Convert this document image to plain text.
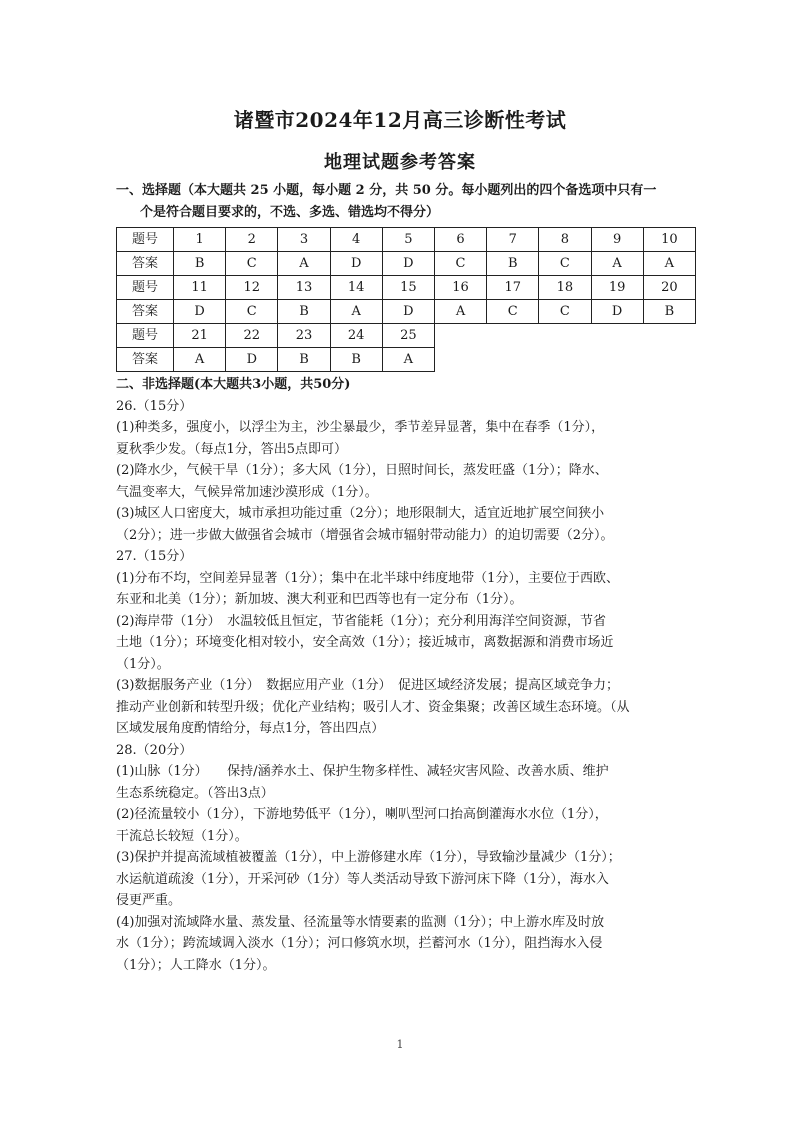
诸暨市2024年12月高三诊断性考试
地理试题参考答案

一、选择题（本大题共 25 小题，每小题 2 分，共 50 分。每小题列出的四个备选项中只有一

个是符合题目要求的，不选、多选、错选均不得分）

题号	1	2	3	4	5	6	7	8	9	10
答案	B	C	A	D	D	C	B	C	A	A
题号	11	12	13	14	15	16	17	18	19	20
答案	D	C	B	A	D	A	C	C	D	B
题号	21	22	23	24	25					
答案	A	D	B	B	A					

二、非选择题(本大题共3小题，共50分)

26.（15分）

(1)种类多，强度小，以浮尘为主，沙尘暴最少，季节差异显著，集中在春季（1分），

夏秋季少发。（每点1分，答出5点即可）

(2)降水少，气候干旱（1分）；多大风（1分），日照时间长，蒸发旺盛（1分）；降水、

气温变率大，气候异常加速沙漠形成（1分）。

(3)城区人口密度大，城市承担功能过重（2分）；地形限制大，适宜近地扩展空间狭小

（2分）；进一步做大做强省会城市（增强省会城市辐射带动能力）的迫切需要（2分）。

27.（15分）

(1)分布不均，空间差异显著（1分）；集中在北半球中纬度地带（1分），主要位于西欧、

东亚和北美（1分）；新加坡、澳大利亚和巴西等也有一定分布（1分）。

(2)海岸带（1分）　水温较低且恒定，节省能耗（1分）；充分利用海洋空间资源，节省

土地（1分）；环境变化相对较小，安全高效（1分）；接近城市，离数据源和消费市场近

（1分）。

(3)数据服务产业（1分）　数据应用产业（1分）　促进区域经济发展；提高区域竞争力；

推动产业创新和转型升级；优化产业结构；吸引人才、资金集聚；改善区域生态环境。（从

区域发展角度酌情给分，每点1分，答出四点）

28.（20分）

(1)山脉（1分）　　保持/涵养水土、保护生物多样性、减轻灾害风险、改善水质、维护

生态系统稳定。（答出3点）

(2)径流量较小（1分），下游地势低平（1分），喇叭型河口抬高倒灌海水水位（1分），

干流总长较短（1分）。

(3)保护并提高流域植被覆盖（1分），中上游修建水库（1分），导致输沙量减少（1分）；

水运航道疏浚（1分），开采河砂（1分）等人类活动导致下游河床下降（1分），海水入

侵更严重。

(4)加强对流域降水量、蒸发量、径流量等水情要素的监测（1分）；中上游水库及时放

水（1分）；跨流域调入淡水（1分）；河口修筑水坝，拦蓄河水（1分），阻挡海水入侵

（1分）；人工降水（1分）。

1
